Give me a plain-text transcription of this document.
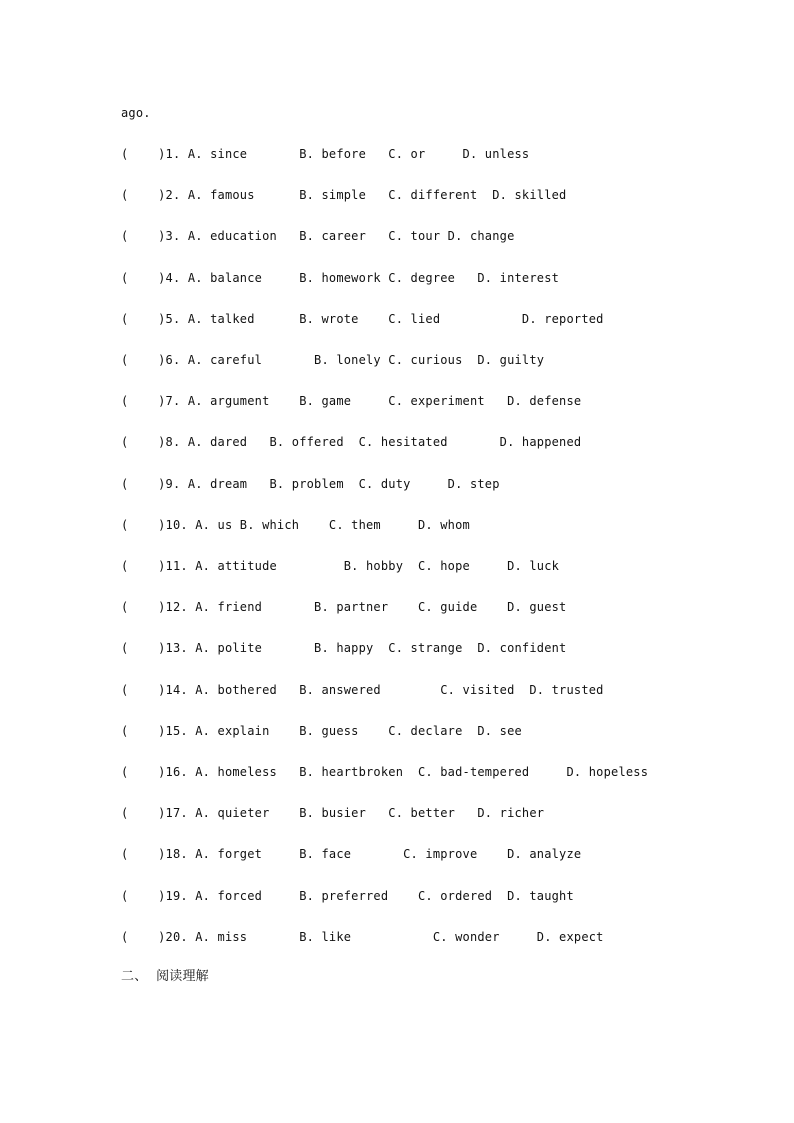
ago.
(    )1. A. since       B. before   C. or     D. unless
(    )2. A. famous      B. simple   C. different  D. skilled
(    )3. A. education   B. career   C. tour D. change
(    )4. A. balance     B. homework C. degree   D. interest
(    )5. A. talked      B. wrote    C. lied           D. reported
(    )6. A. careful       B. lonely C. curious  D. guilty
(    )7. A. argument    B. game     C. experiment   D. defense
(    )8. A. dared   B. offered  C. hesitated       D. happened
(    )9. A. dream   B. problem  C. duty     D. step
(    )10. A. us B. which    C. them     D. whom
(    )11. A. attitude         B. hobby  C. hope     D. luck
(    )12. A. friend       B. partner    C. guide    D. guest
(    )13. A. polite       B. happy  C. strange  D. confident
(    )14. A. bothered   B. answered        C. visited  D. trusted
(    )15. A. explain    B. guess    C. declare  D. see
(    )16. A. homeless   B. heartbroken  C. bad-tempered     D. hopeless
(    )17. A. quieter    B. busier   C. better   D. richer
(    )18. A. forget     B. face       C. improve    D. analyze
(    )19. A. forced     B. preferred    C. ordered  D. taught
(    )20. A. miss       B. like           C. wonder     D. expect
二、  阅读理解
